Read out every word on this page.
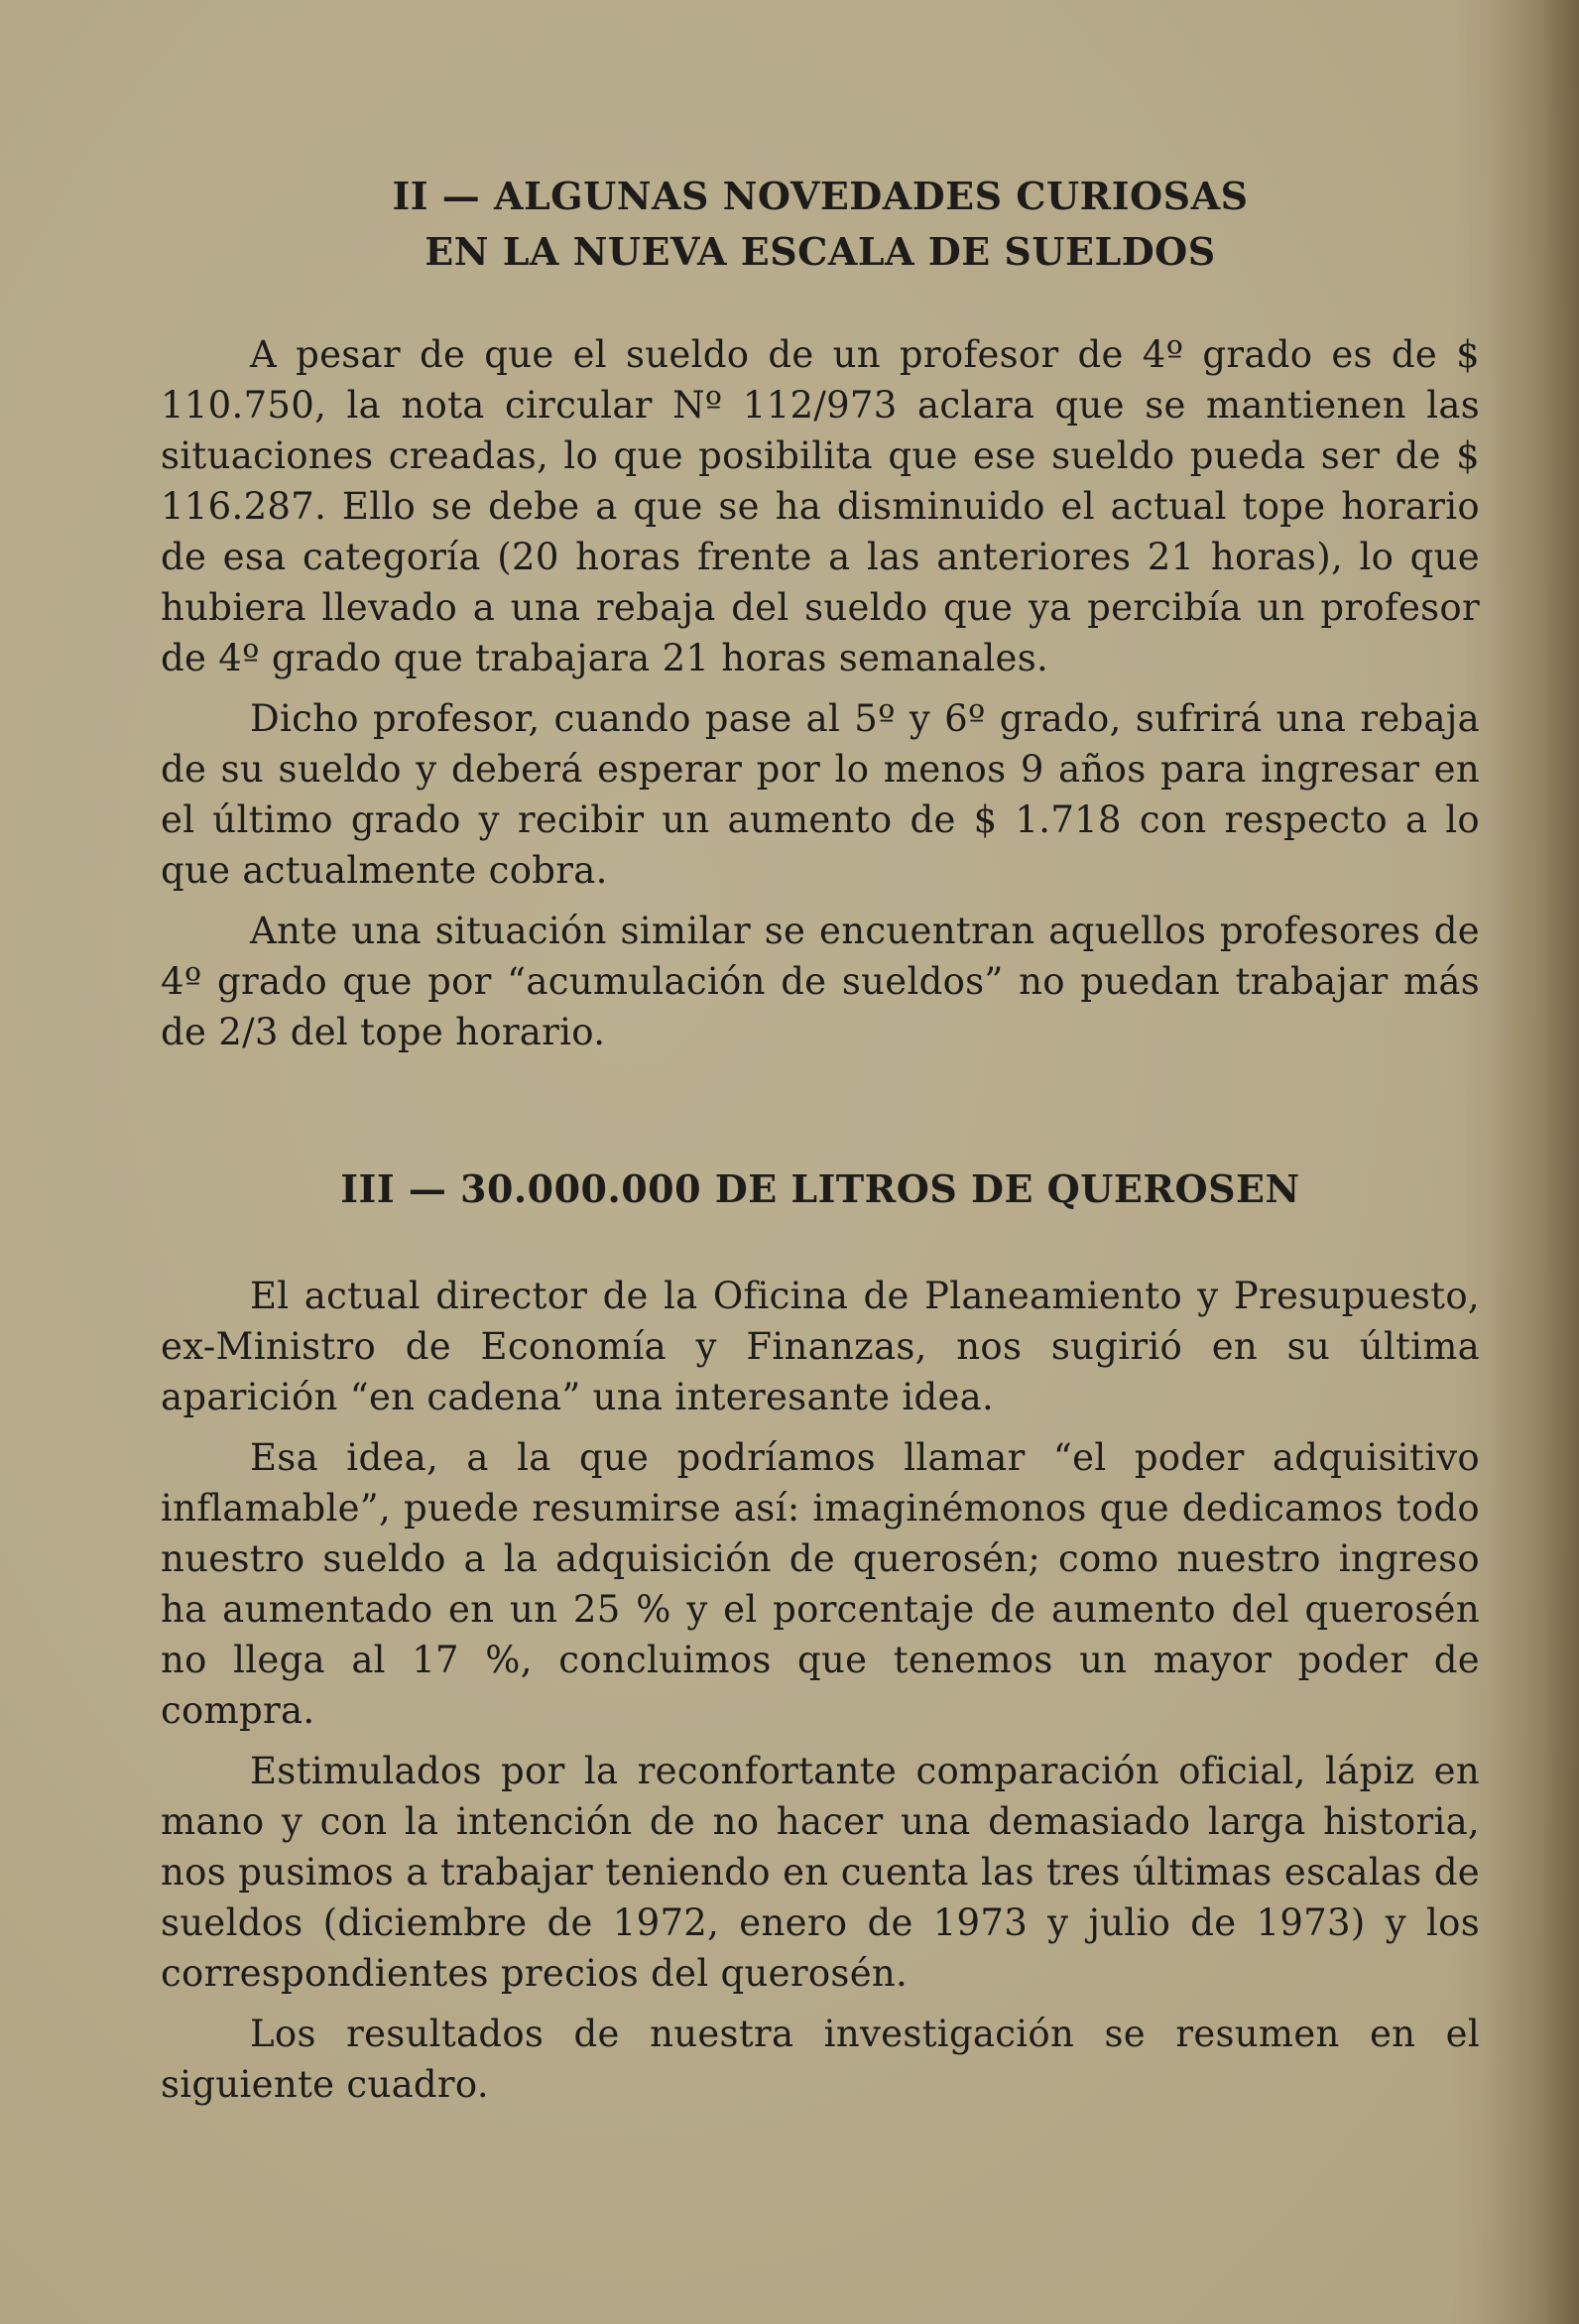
II — ALGUNAS NOVEDADES CURIOSAS
EN LA NUEVA ESCALA DE SUELDOS

A pesar de que el sueldo de un profesor de 4º grado es de $ 110.750, la nota circular Nº 112/973 aclara que se mantienen las situaciones creadas, lo que posibilita que ese sueldo pueda ser de $ 116.287. Ello se debe a que se ha disminuido el actual tope horario de esa categoría (20 horas frente a las anteriores 21 horas), lo que hubiera llevado a una rebaja del sueldo que ya percibía un profesor de 4º grado que trabajara 21 horas semanales.

Dicho profesor, cuando pase al 5º y 6º grado, sufrirá una rebaja de su sueldo y deberá esperar por lo menos 9 años para ingresar en el último grado y recibir un aumento de $ 1.718 con respecto a lo que actualmente cobra.

Ante una situación similar se encuentran aquellos profesores de 4º grado que por “acumulación de sueldos” no puedan trabajar más de 2/3 del tope horario.

III — 30.000.000 DE LITROS DE QUEROSEN

El actual director de la Oficina de Planeamiento y Presupuesto, ex-Ministro de Economía y Finanzas, nos sugirió en su última aparición “en cadena” una interesante idea.

Esa idea, a la que podríamos llamar “el poder adquisitivo inflamable”, puede resumirse así: imaginémonos que dedicamos todo nuestro sueldo a la adquisición de querosén; como nuestro ingreso ha aumentado en un 25 % y el porcentaje de aumento del querosén no llega al 17 %, concluimos que tenemos un mayor poder de compra.

Estimulados por la reconfortante comparación oficial, lápiz en mano y con la intención de no hacer una demasiado larga historia, nos pusimos a trabajar teniendo en cuenta las tres últimas escalas de sueldos (diciembre de 1972, enero de 1973 y julio de 1973) y los correspondientes precios del querosén.

Los resultados de nuestra investigación se resumen en el siguiente cuadro.
